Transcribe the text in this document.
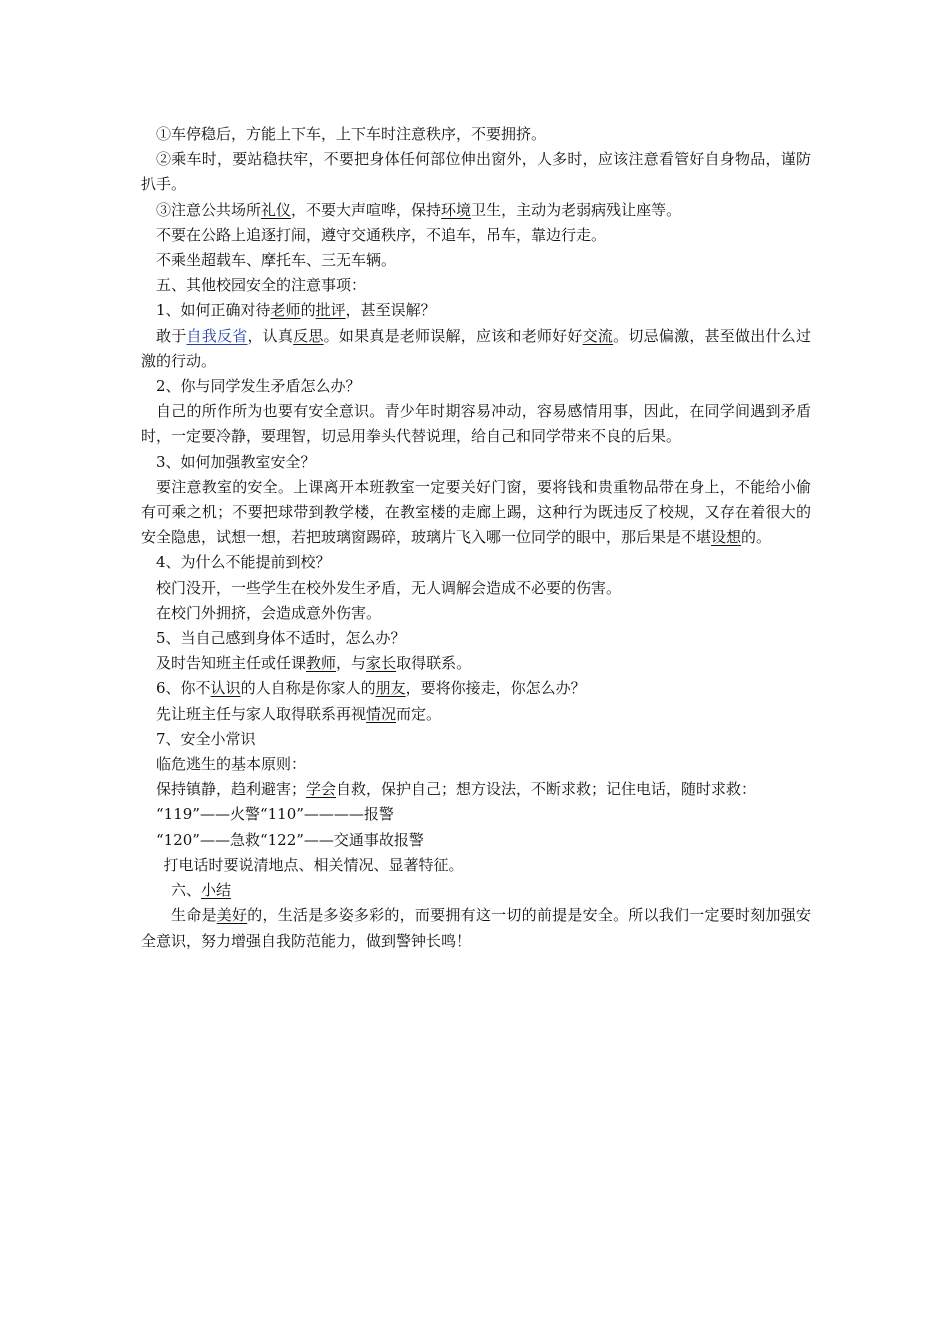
①车停稳后，方能上下车，上下车时注意秩序，不要拥挤。

②乘车时，要站稳扶牢，不要把身体任何部位伸出窗外，人多时，应该注意看管好自身物品，谨防扒手。

③注意公共场所礼仪，不要大声喧哗，保持环境卫生，主动为老弱病残让座等。

不要在公路上追逐打闹，遵守交通秩序，不追车，吊车，靠边行走。

不乘坐超载车、摩托车、三无车辆。

五、其他校园安全的注意事项：

1、如何正确对待老师的批评，甚至误解？

敢于自我反省，认真反思。如果真是老师误解，应该和老师好好交流。切忌偏激，甚至做出什么过激的行动。

2、你与同学发生矛盾怎么办？

自己的所作所为也要有安全意识。青少年时期容易冲动，容易感情用事，因此，在同学间遇到矛盾时，一定要冷静，要理智，切忌用拳头代替说理，给自己和同学带来不良的后果。

3、如何加强教室安全？

要注意教室的安全。上课离开本班教室一定要关好门窗，要将钱和贵重物品带在身上，不能给小偷有可乘之机；不要把球带到教学楼，在教室楼的走廊上踢，这种行为既违反了校规，又存在着很大的安全隐患，试想一想，若把玻璃窗踢碎，玻璃片飞入哪一位同学的眼中，那后果是不堪设想的。

4、为什么不能提前到校？

校门没开，一些学生在校外发生矛盾，无人调解会造成不必要的伤害。

在校门外拥挤，会造成意外伤害。

5、当自己感到身体不适时，怎么办？

及时告知班主任或任课教师，与家长取得联系。

6、你不认识的人自称是你家人的朋友，要将你接走，你怎么办？

先让班主任与家人取得联系再视情况而定。

7、安全小常识

临危逃生的基本原则：

保持镇静，趋利避害；学会自救，保护自己；想方设法，不断求救；记住电话，随时求救：

“119”——火警“110”————报警

“120”——急救“122”——交通事故报警

打电话时要说清地点、相关情况、显著特征。

六、小结

生命是美好的，生活是多姿多彩的，而要拥有这一切的前提是安全。所以我们一定要时刻加强安全意识，努力增强自我防范能力，做到警钟长鸣！
